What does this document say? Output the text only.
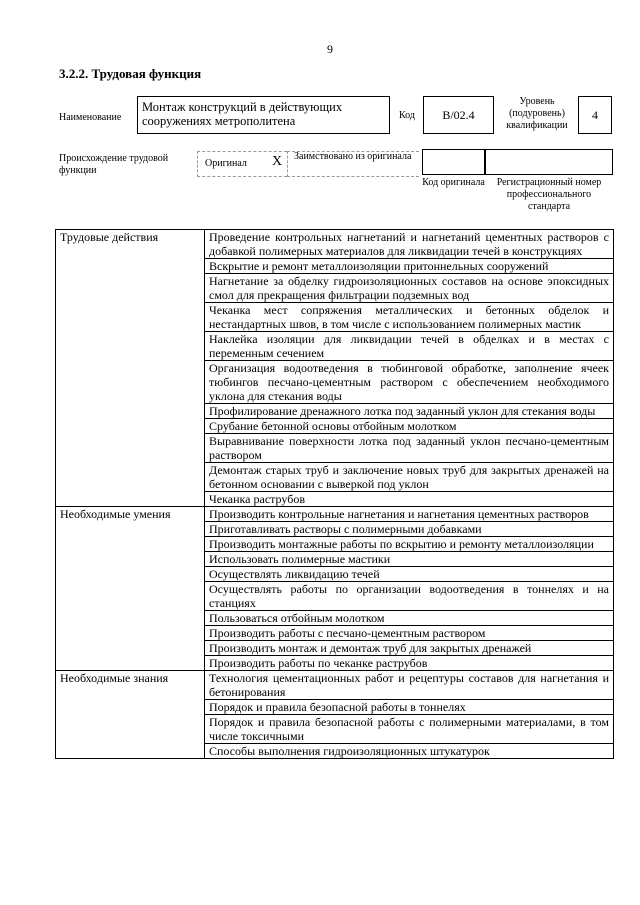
9
3.2.2. Трудовая функция
Наименование
Монтаж конструкций в действующих сооружениях метрополитена	Код	B/02.4
Уровень (подуровень) квалификации
4
Происхождение трудовой функции
Оригинал X Заимствовано из оригинала
Код оригинала	Регистрационный номер профессионального стандарта
Трудовые действия	Проведение контрольных нагнетаний и нагнетаний цементных растворов с добавкой полимерных материалов для ликвидации течей в конструкциях
	Вскрытие и ремонт металлоизоляции притоннельных сооружений
	Нагнетание за обделку гидроизоляционных составов на основе эпоксидных смол для прекращения фильтрации подземных вод
	Чеканка мест сопряжения металлических и бетонных обделок и нестандартных швов, в том числе с использованием полимерных мастик
	Наклейка изоляции для ликвидации течей в обделках и в местах с переменным сечением
	Организация водоотведения в тюбинговой обработке, заполнение ячеек тюбингов песчано-цементным раствором с обеспечением необходимого уклона для стекания воды
	Профилирование дренажного лотка под заданный уклон для стекания воды
	Срубание бетонной основы отбойным молотком
	Выравнивание поверхности лотка под заданный уклон песчано-цементным раствором
	Демонтаж старых труб и заключение новых труб для закрытых дренажей на бетонном основании с выверкой под уклон
	Чеканка раструбов
Необходимые умения	Производить контрольные нагнетания и нагнетания цементных растворов
	Приготавливать растворы с полимерными добавками
	Производить монтажные работы по вскрытию и ремонту металлоизоляции
	Использовать полимерные мастики
	Осуществлять ликвидацию течей
	Осуществлять работы по организации водоотведения в тоннелях и на станциях
	Пользоваться отбойным молотком
	Производить работы с песчано-цементным раствором
	Производить монтаж и демонтаж труб для закрытых дренажей
	Производить работы по чеканке раструбов
Необходимые знания	Технология цементационных работ и рецептуры составов для нагнетания и бетонирования
	Порядок и правила безопасной работы в тоннелях
	Порядок и правила безопасной работы с полимерными материалами, в том числе токсичными
	Способы выполнения гидроизоляционных штукатурок
